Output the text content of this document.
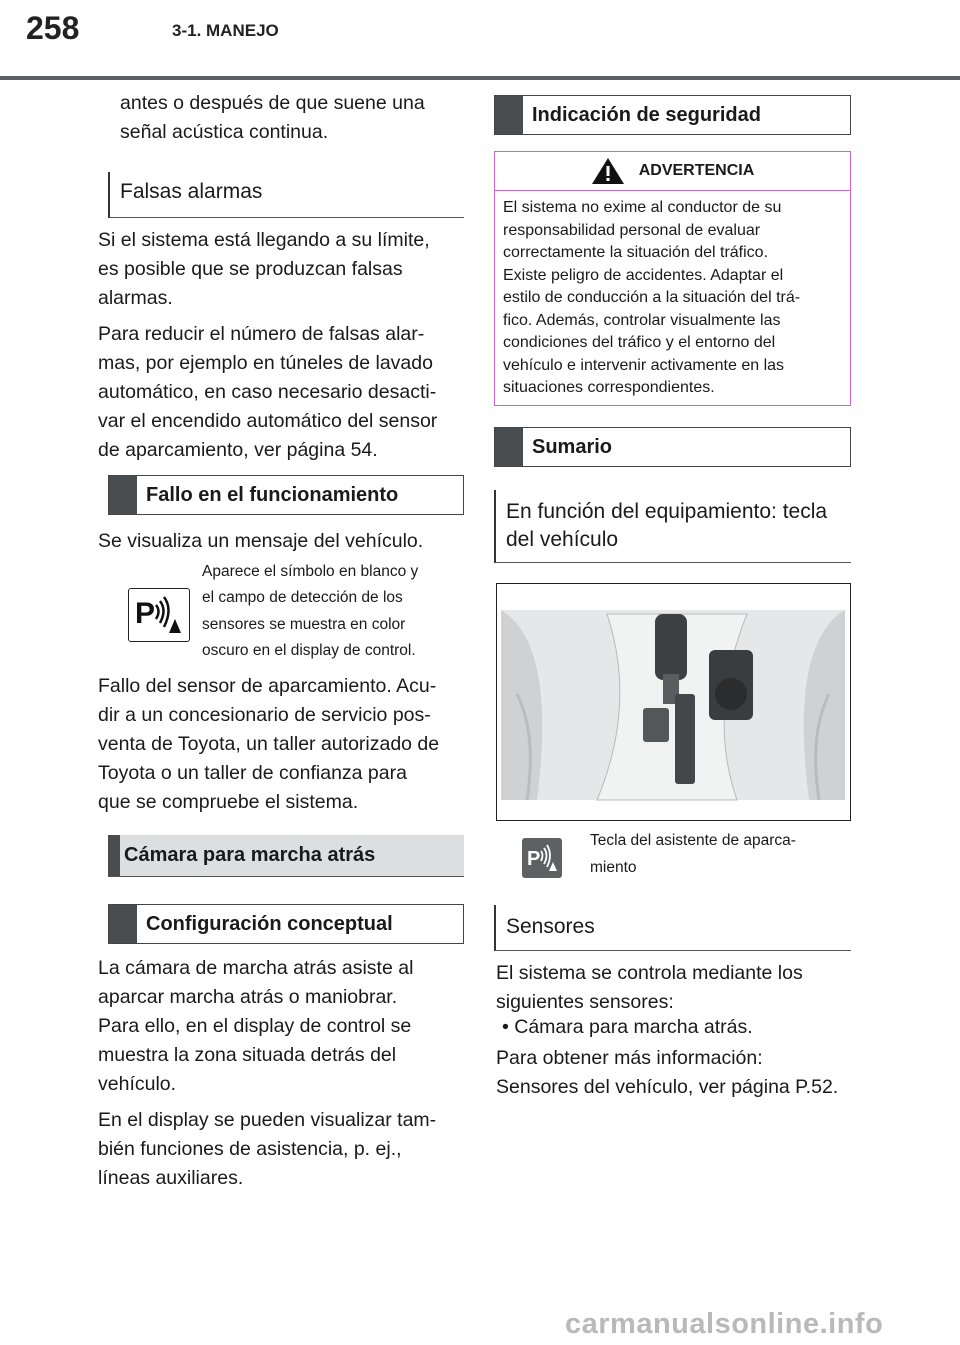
258	3-1. MANEJO

antes o después de que suene una

señal acústica continua.

Falsas alarmas

Si el sistema está llegando a su límite,

es posible que se produzcan falsas

alarmas.

Para reducir el número de falsas alar-

mas, por ejemplo en túneles de lavado

automático, en caso necesario desacti-

var el encendido automático del sensor

de aparcamiento, ver página 54.

Fallo en el funcionamiento

Se visualiza un mensaje del vehículo.

P
Aparece el símbolo en blanco y
el campo de detección de los
sensores se muestra en color
oscuro en el display de control.

Fallo del sensor de aparcamiento. Acu-

dir a un concesionario de servicio pos-

venta de Toyota, un taller autorizado de

Toyota o un taller de confianza para

que se compruebe el sistema.

Cámara para marcha atrás
Configuración conceptual

La cámara de marcha atrás asiste al

aparcar marcha atrás o maniobrar.

Para ello, en el display de control se

muestra la zona situada detrás del

vehículo.

En el display se pueden visualizar tam-

bién funciones de asistencia, p. ej.,

líneas auxiliares.

Indicación de seguridad
ADVERTENCIA
El sistema no exime al conductor de su
responsabilidad personal de evaluar
correctamente la situación del tráfico.
Existe peligro de accidentes. Adaptar el
estilo de conducción a la situación del trá-
fico. Además, controlar visualmente las
condiciones del tráfico y el entorno del
vehículo e intervenir activamente en las
situaciones correspondientes.
Sumario
En función del equipamiento: tecla
del vehículo
P
Tecla del asistente de aparca-
miento
Sensores

El sistema se controla mediante los

siguientes sensores:

• Cámara para marcha atrás.

Para obtener más información:

Sensores del vehículo, ver página P.52.

carmanualsonline.info
